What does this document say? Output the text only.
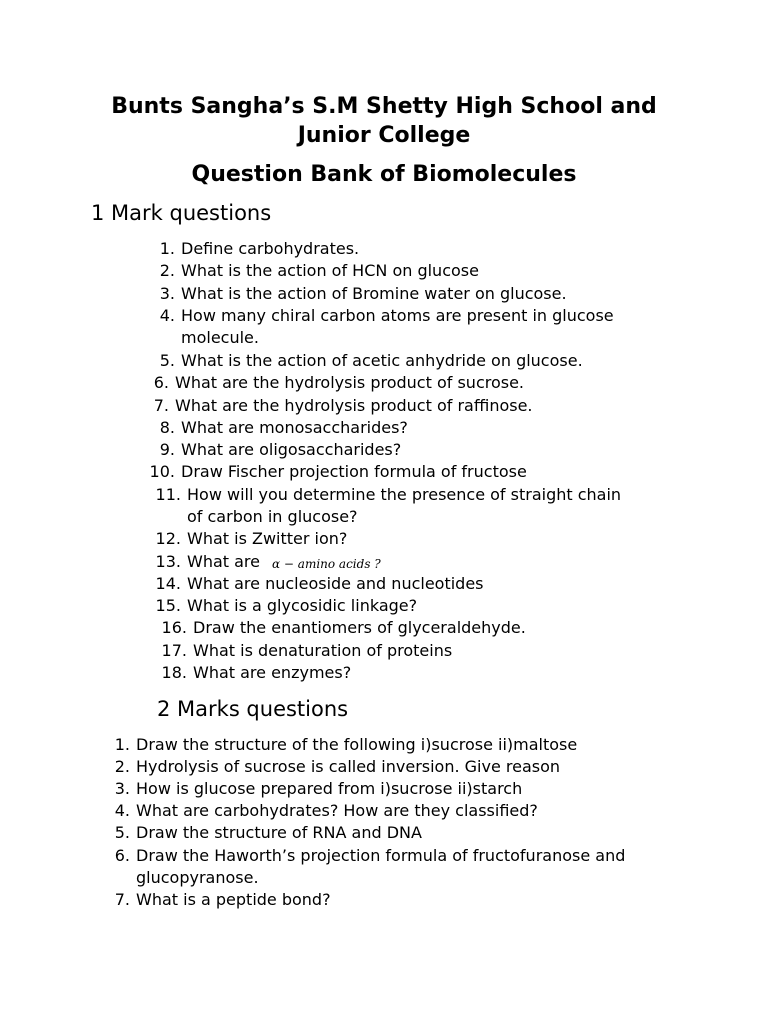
Bunts Sangha’s S.M Shetty High School and
Junior College
Question Bank of Biomolecules
1 Mark questions
1. Define carbohydrates.
2. What is the action of HCN on glucose
3. What is the action of Bromine water on glucose.
4. How many chiral carbon atoms are present in glucose
molecule.
5. What is the action of acetic anhydride on glucose.
6. What are the hydrolysis product of sucrose.
7. What are the hydrolysis product of raffinose.
8. What are monosaccharides?
9. What are oligosaccharides?
10. Draw Fischer projection formula of fructose
11. How will you determine the presence of straight chain
of carbon in glucose?
12. What is Zwitter ion?
13. What are α − amino acids ?
14. What are nucleoside and nucleotides
15. What is a glycosidic linkage?
16. Draw the enantiomers of glyceraldehyde.
17. What is denaturation of proteins
18. What are enzymes?
2 Marks questions
1. Draw the structure of the following i)sucrose ii)maltose
2. Hydrolysis of sucrose is called inversion. Give reason
3. How is glucose prepared from i)sucrose ii)starch
4. What are carbohydrates? How are they classified?
5. Draw the structure of RNA and DNA
6. Draw the Haworth’s projection formula of fructofuranose and
glucopyranose.
7. What is a peptide bond?
